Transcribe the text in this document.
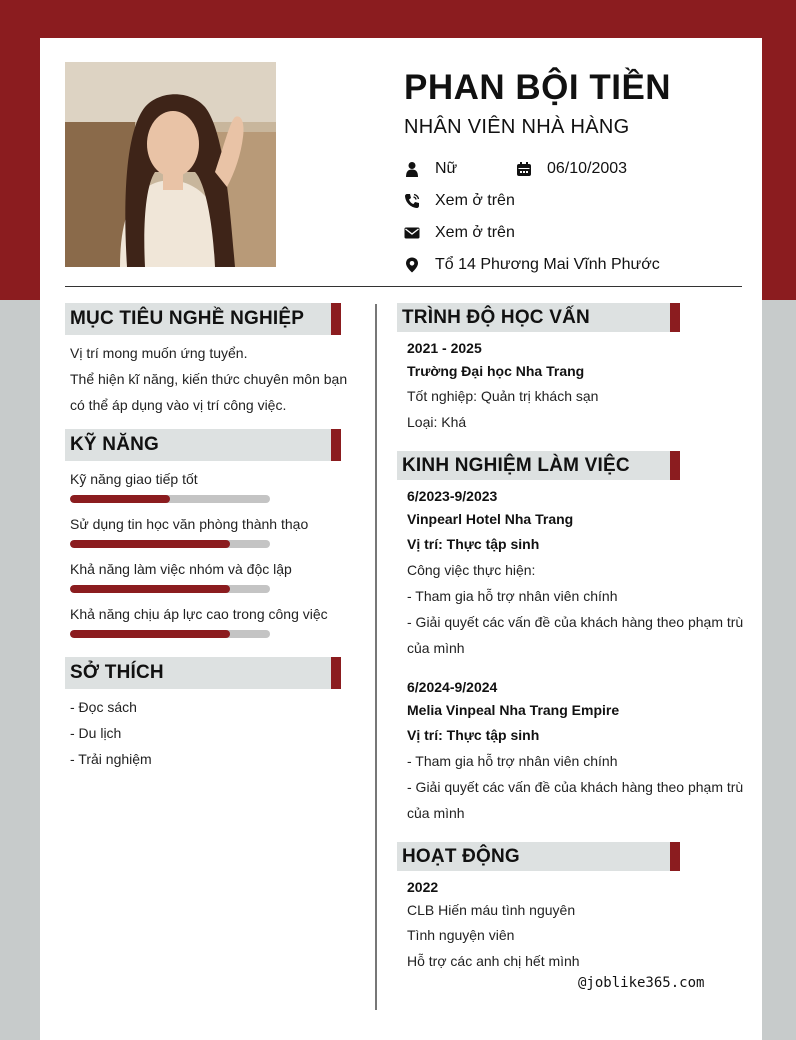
PHAN BỘI TIỀN
NHÂN VIÊN NHÀ HÀNG
Nữ	06/10/2003
Xem ở trên
Xem ở trên
Tổ 14 Phương Mai Vĩnh Phước
MỤC TIÊU NGHỀ NGHIỆP
Vị trí mong muốn ứng tuyển.
Thể hiện kĩ năng, kiến thức chuyên môn bạn
có thể áp dụng vào vị trí công việc.
KỸ NĂNG
Kỹ năng giao tiếp tốt
Sử dụng tin học văn phòng thành thạo
Khả năng làm việc nhóm và độc lập
Khả năng chịu áp lực cao trong công việc
SỞ THÍCH
- Đọc sách
- Du lịch
- Trải nghiệm
TRÌNH ĐỘ HỌC VẤN
2021 - 2025
Trường Đại học Nha Trang
Tốt nghiệp: Quản trị khách sạn
Loại: Khá
KINH NGHIỆM LÀM VIỆC
6/2023-9/2023
Vinpearl Hotel Nha Trang
Vị trí: Thực tập sinh
Công việc thực hiện:
- Tham gia hỗ trợ nhân viên chính
- Giải quyết các vấn đề của khách hàng theo phạm trù
của mình
6/2024-9/2024
Melia Vinpeal Nha Trang Empire
Vị trí: Thực tập sinh
- Tham gia hỗ trợ nhân viên chính
- Giải quyết các vấn đề của khách hàng theo phạm trù
của mình
HOẠT ĐỘNG
2022
CLB Hiến máu tình nguyên
Tình nguyện viên
Hỗ trợ các anh chị hết mình
@joblike365.com
